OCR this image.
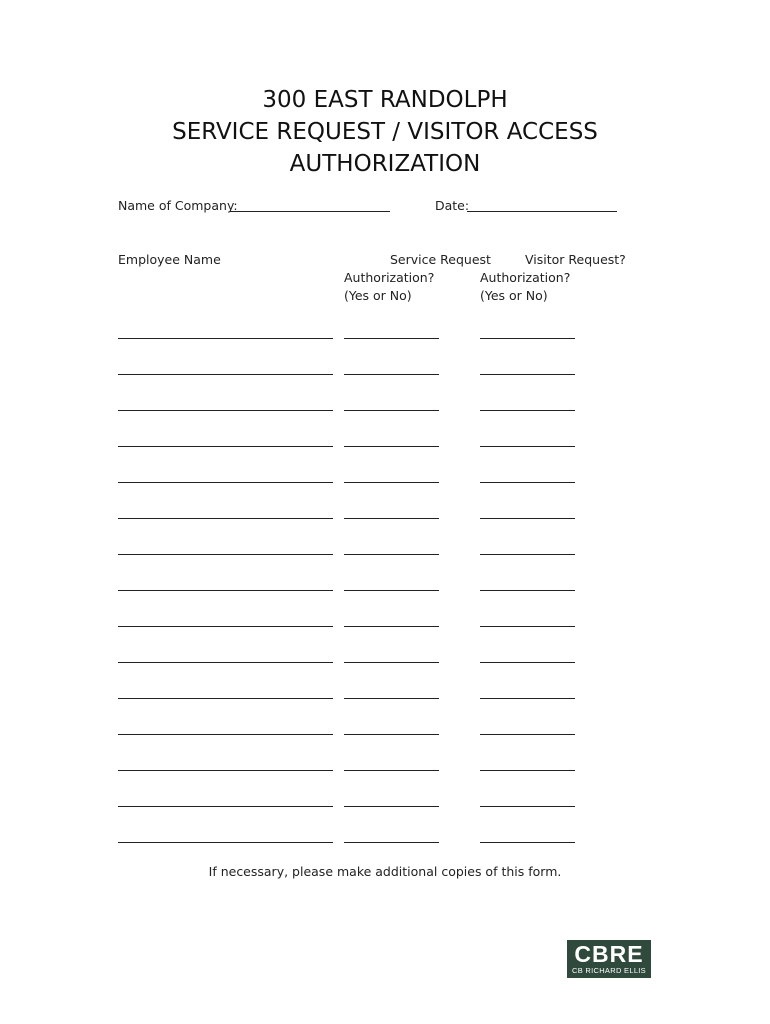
300 EAST RANDOLPH
SERVICE REQUEST / VISITOR ACCESS
AUTHORIZATION
Name of Company:	Date:
Employee Name	Service Request
Authorization?
(Yes or No)
Visitor Request?
Authorization?
(Yes or No)
If necessary, please make additional copies of this form.
CBRE
CB RICHARD ELLIS
